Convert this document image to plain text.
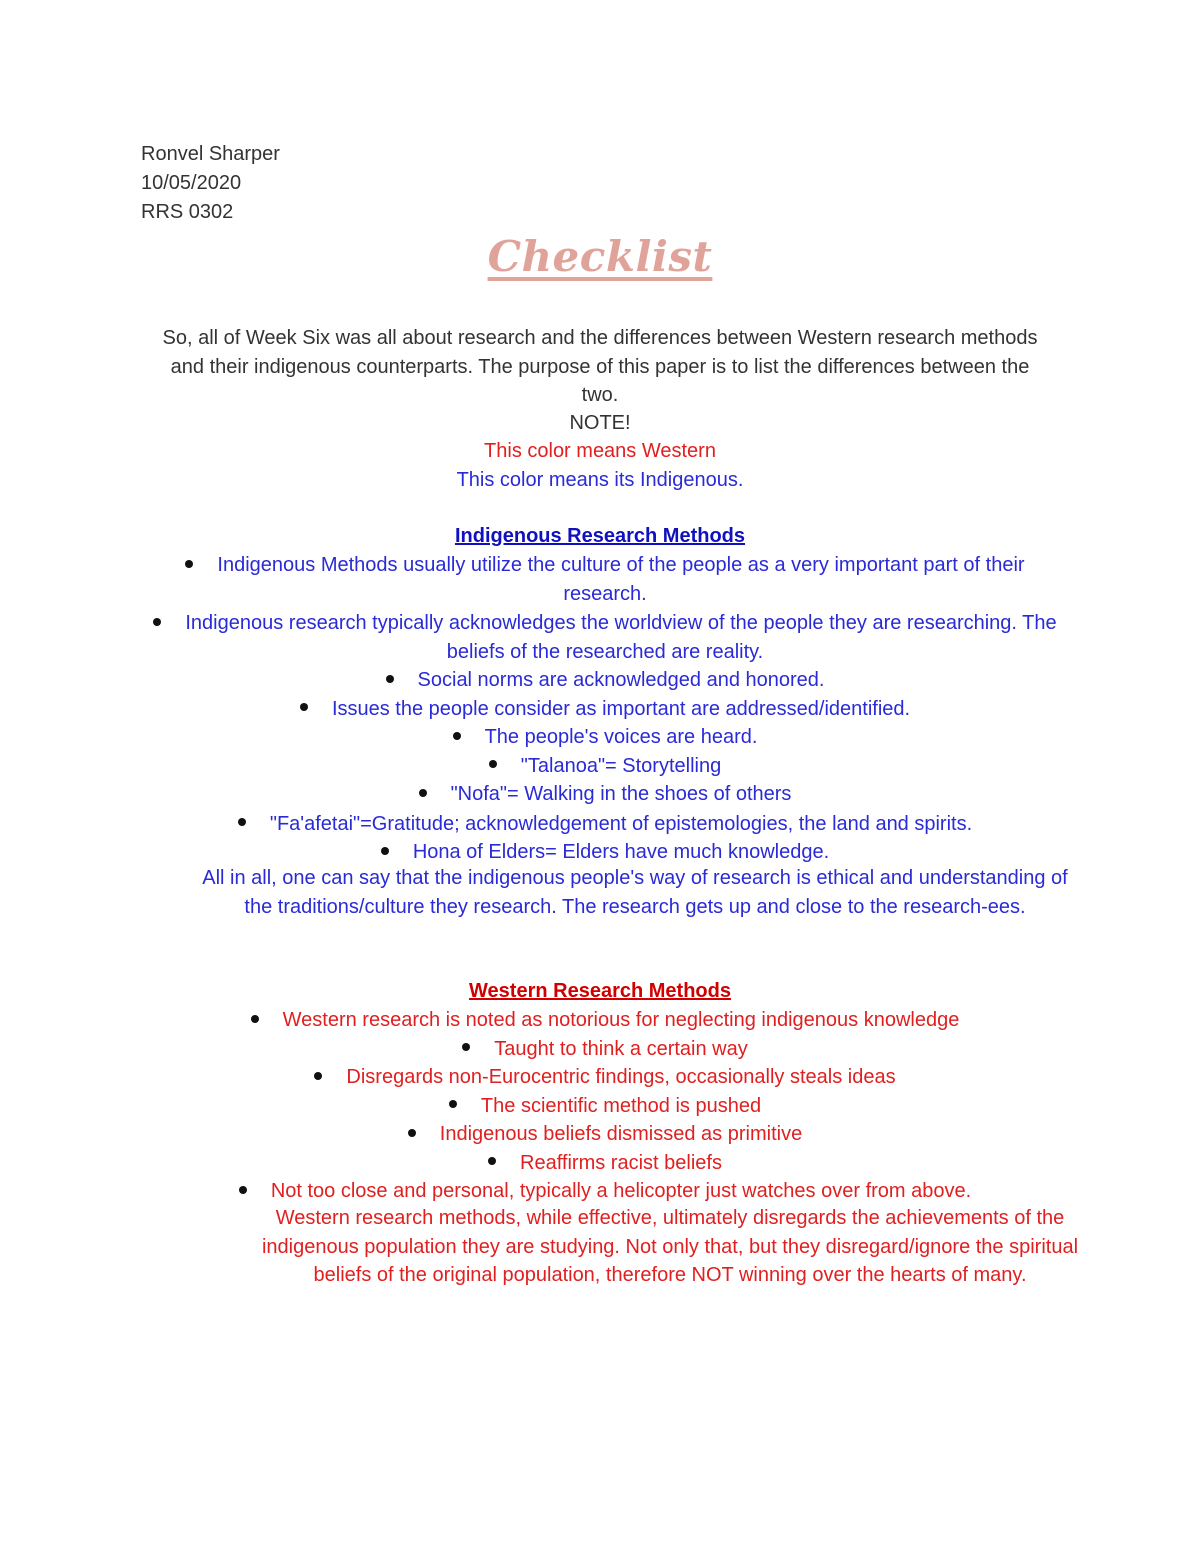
Ronvel Sharper
10/05/2020
RRS 0302
Checklist
So, all of Week Six was all about research and the differences between Western research methods and their indigenous counterparts. The purpose of this paper is to list the differences between the two.
NOTE!
This color means Western
This color means its Indigenous.
Indigenous Research Methods
Indigenous Methods usually utilize the culture of the people as a very important part of their research.
Indigenous research typically acknowledges the worldview of the people they are researching. The beliefs of the researched are reality.
Social norms are acknowledged and honored.
Issues the people consider as important are addressed/identified.
The people's voices are heard.
"Talanoa"= Storytelling
"Nofa"= Walking in the shoes of others
"Fa'afetai"=Gratitude; acknowledgement of epistemologies, the land and spirits.
Hona of Elders= Elders have much knowledge.
All in all, one can say that the indigenous people's way of research is ethical and understanding of the traditions/culture they research. The research gets up and close to the research-ees.
Western Research Methods
Western research is noted as notorious for neglecting indigenous knowledge
Taught to think a certain way
Disregards non-Eurocentric findings, occasionally steals ideas
The scientific method is pushed
Indigenous beliefs dismissed as primitive
Reaffirms racist beliefs
Not too close and personal, typically a helicopter just watches over from above.
Western research methods, while effective, ultimately disregards the achievements of the indigenous population they are studying. Not only that, but they disregard/ignore the spiritual beliefs of the original population, therefore NOT winning over the hearts of many.
